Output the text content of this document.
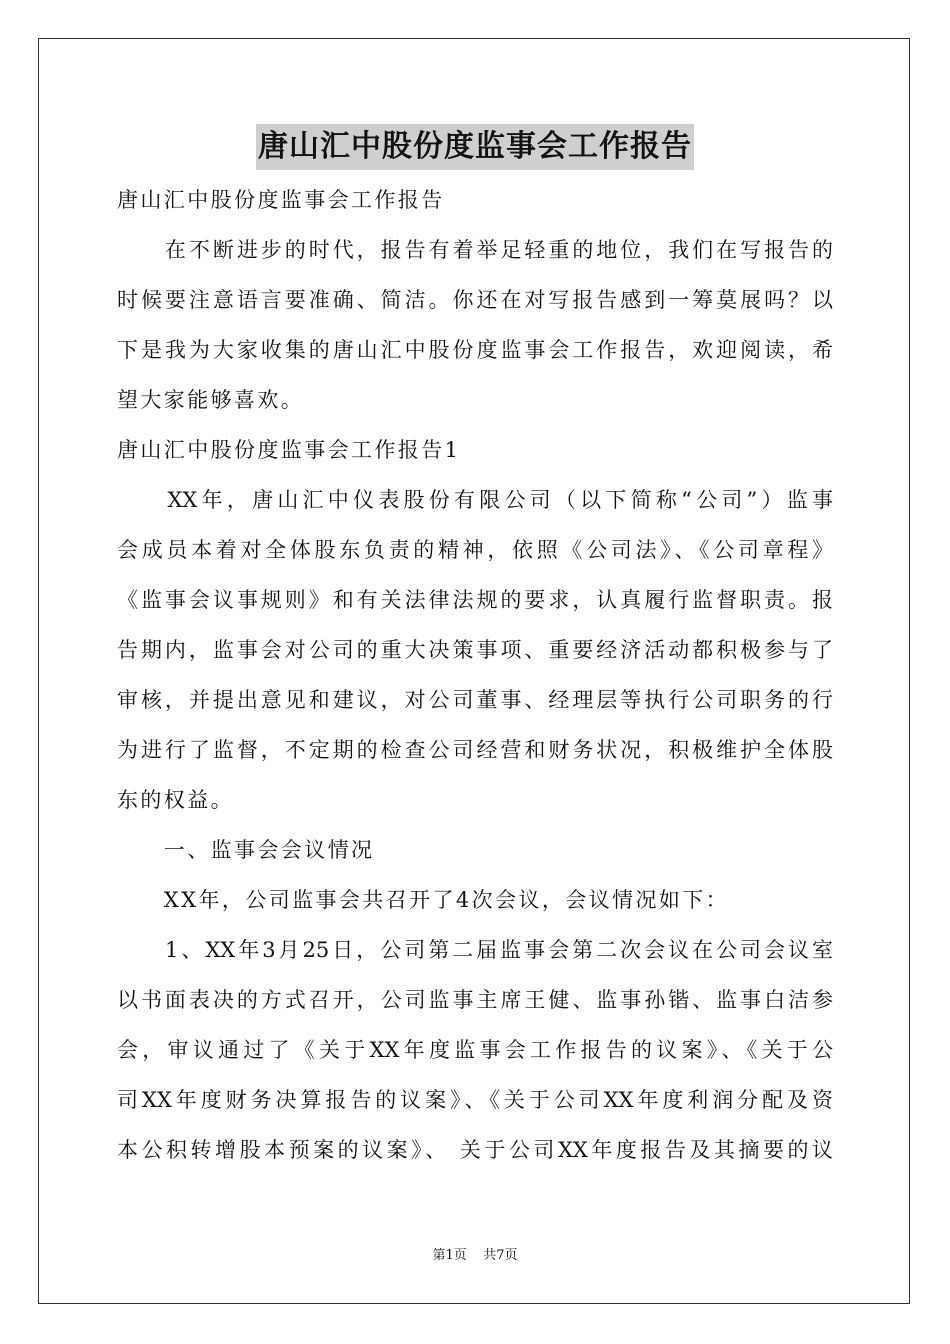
唐山汇中股份度监事会工作报告
唐山汇中股份度监事会工作报告
　　在不断进步的时代，报告有着举足轻重的地位，我们在写报告的
时候要注意语言要准确、简洁。你还在对写报告感到一筹莫展吗？以
下是我为大家收集的唐山汇中股份度监事会工作报告，欢迎阅读，希
望大家能够喜欢。
唐山汇中股份度监事会工作报告1
　　XX年，唐山汇中仪表股份有限公司（以下简称“公司”）监事
会成员本着对全体股东负责的精神，依照《公司法》、《公司章程》
《监事会议事规则》和有关法律法规的要求，认真履行监督职责。报
告期内，监事会对公司的重大决策事项、重要经济活动都积极参与了
审核，并提出意见和建议，对公司董事、经理层等执行公司职务的行
为进行了监督，不定期的检查公司经营和财务状况，积极维护全体股
东的权益。
　　一、监事会会议情况
　　XX年，公司监事会共召开了4次会议，会议情况如下：
　　1、XX年3月25日，公司第二届监事会第二次会议在公司会议室
以书面表决的方式召开，公司监事主席王健、监事孙锴、监事白洁参
会，审议通过了《关于XX年度监事会工作报告的议案》、《关于公
司XX年度财务决算报告的议案》、《关于公司XX年度利润分配及资
本公积转增股本预案的议案》、 关于公司XX年度报告及其摘要的议
第1页 共7页
